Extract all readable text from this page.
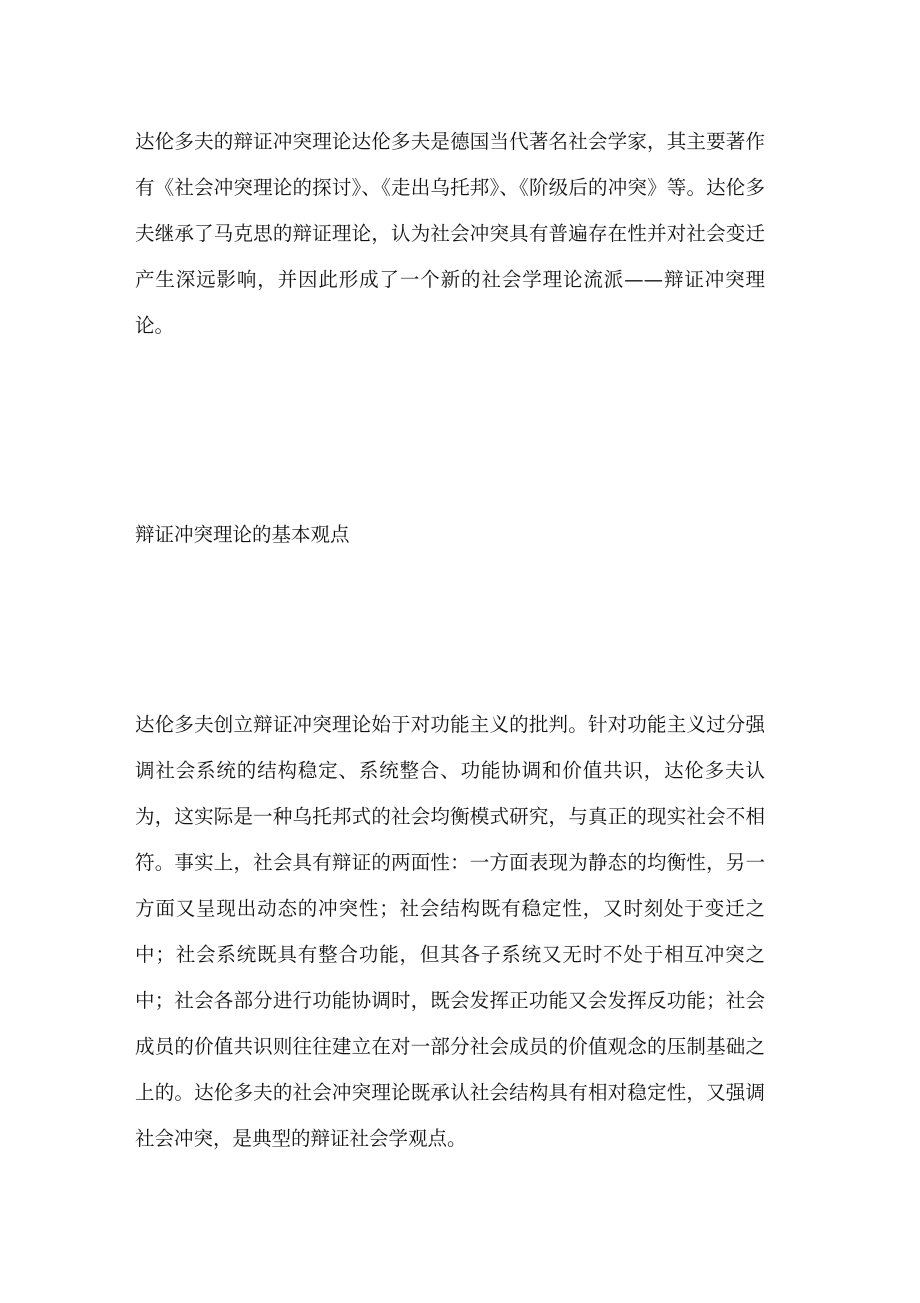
达伦多夫的辩证冲突理论达伦多夫是德国当代著名社会学家，其主要著作有《社会冲突理论的探讨》、《走出乌托邦》、《阶级后的冲突》等。达伦多夫继承了马克思的辩证理论，认为社会冲突具有普遍存在性并对社会变迁产生深远影响，并因此形成了一个新的社会学理论流派——辩证冲突理论。

辩证冲突理论的基本观点

达伦多夫创立辩证冲突理论始于对功能主义的批判。针对功能主义过分强调社会系统的结构稳定、系统整合、功能协调和价值共识，达伦多夫认为，这实际是一种乌托邦式的社会均衡模式研究，与真正的现实社会不相符。事实上，社会具有辩证的两面性：一方面表现为静态的均衡性，另一方面又呈现出动态的冲突性；社会结构既有稳定性，又时刻处于变迁之中；社会系统既具有整合功能，但其各子系统又无时不处于相互冲突之中；社会各部分进行功能协调时，既会发挥正功能又会发挥反功能；社会成员的价值共识则往往建立在对一部分社会成员的价值观念的压制基础之上的。达伦多夫的社会冲突理论既承认社会结构具有相对稳定性，又强调社会冲突，是典型的辩证社会学观点。
